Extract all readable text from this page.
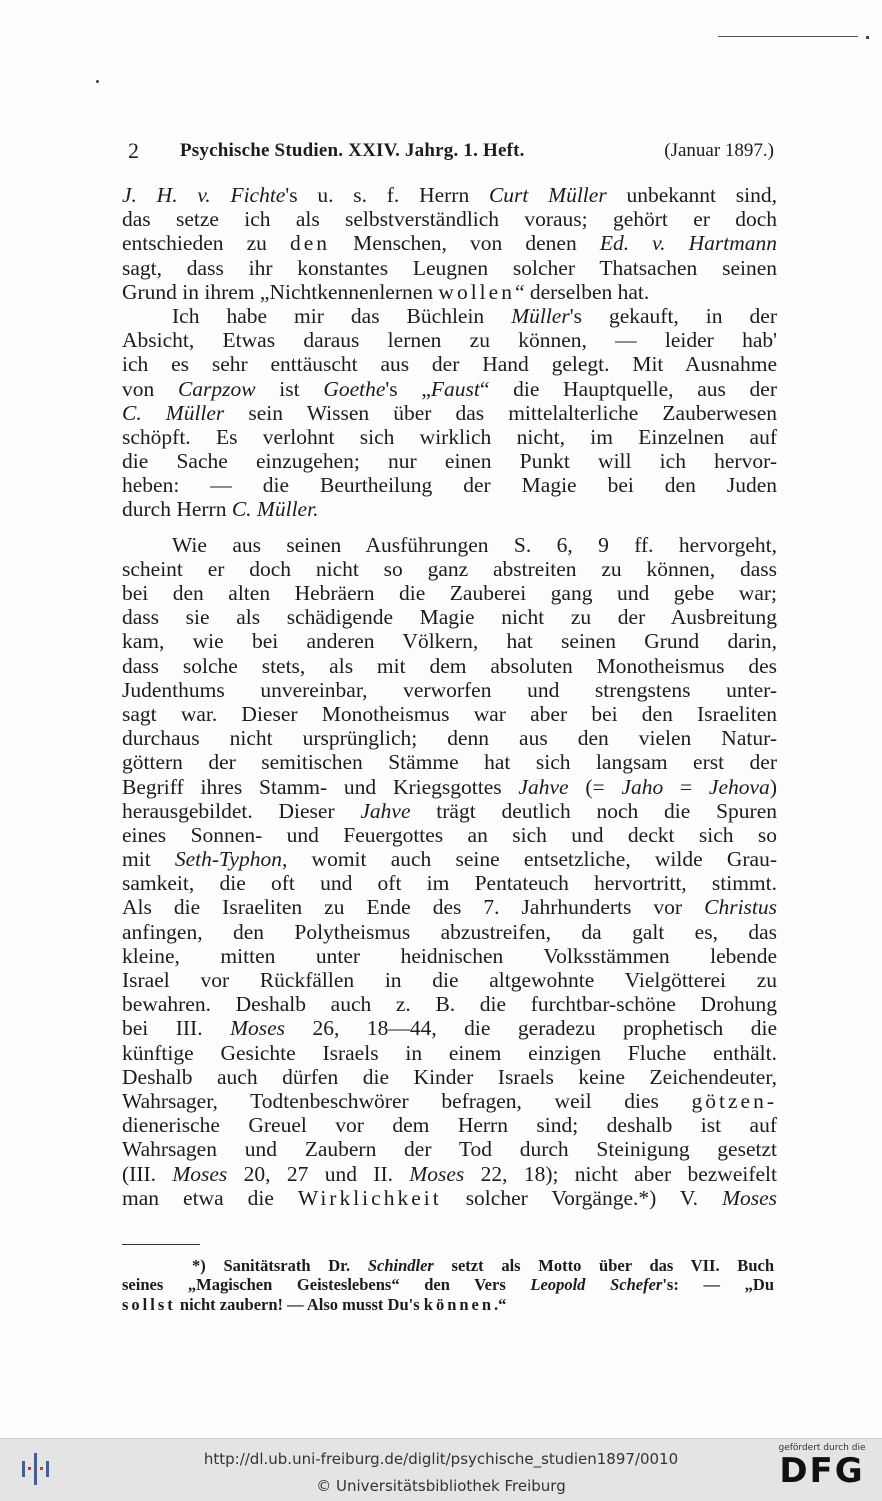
2 Psychische Studien. XXIV. Jahrg. 1. Heft.	(Januar 1897.)
J. H. v. Fichte's u. s. f. Herrn Curt Müller unbekannt sind,
das setze ich als selbstverständlich voraus; gehört er doch
entschieden zu den Menschen, von denen Ed. v. Hartmann
sagt, dass ihr konstantes Leugnen solcher Thatsachen seinen
Grund in ihrem „Nichtkennenlernen wollen“ derselben hat.
Ich habe mir das Büchlein Müller's gekauft, in der
Absicht, Etwas daraus lernen zu können, — leider hab'
ich es sehr enttäuscht aus der Hand gelegt. Mit Ausnahme
von Carpzow ist Goethe's „Faust“ die Hauptquelle, aus der
C. Müller sein Wissen über das mittelalterliche Zauberwesen
schöpft. Es verlohnt sich wirklich nicht, im Einzelnen auf
die Sache einzugehen; nur einen Punkt will ich hervor-
heben: — die Beurtheilung der Magie bei den Juden
durch Herrn C. Müller.
Wie aus seinen Ausführungen S. 6, 9 ff. hervorgeht,
scheint er doch nicht so ganz abstreiten zu können, dass
bei den alten Hebräern die Zauberei gang und gebe war;
dass sie als schädigende Magie nicht zu der Ausbreitung
kam, wie bei anderen Völkern, hat seinen Grund darin,
dass solche stets, als mit dem absoluten Monotheismus des
Judenthums unvereinbar, verworfen und strengstens unter-
sagt war. Dieser Monotheismus war aber bei den Israeliten
durchaus nicht ursprünglich; denn aus den vielen Natur-
göttern der semitischen Stämme hat sich langsam erst der
Begriff ihres Stamm- und Kriegsgottes Jahve (= Jaho = Jehova)
herausgebildet. Dieser Jahve trägt deutlich noch die Spuren
eines Sonnen- und Feuergottes an sich und deckt sich so
mit Seth-Typhon, womit auch seine entsetzliche, wilde Grau-
samkeit, die oft und oft im Pentateuch hervortritt, stimmt.
Als die Israeliten zu Ende des 7. Jahrhunderts vor Christus
anfingen, den Polytheismus abzustreifen, da galt es, das
kleine, mitten unter heidnischen Volksstämmen lebende
Israel vor Rückfällen in die altgewohnte Vielgötterei zu
bewahren. Deshalb auch z. B. die furchtbar-schöne Drohung
bei III. Moses 26, 18—44, die geradezu prophetisch die
künftige Gesichte Israels in einem einzigen Fluche enthält.
Deshalb auch dürfen die Kinder Israels keine Zeichendeuter,
Wahrsager, Todtenbeschwörer befragen, weil dies götzen-
dienerische Greuel vor dem Herrn sind; deshalb ist auf
Wahrsagen und Zaubern der Tod durch Steinigung gesetzt
(III. Moses 20, 27 und II. Moses 22, 18); nicht aber bezweifelt
man etwa die Wirklichkeit solcher Vorgänge.*) V. Moses
*) Sanitätsrath Dr. Schindler setzt als Motto über das VII. Buch
seines „Magischen Geisteslebens“ den Vers Leopold Schefer's: — „Du
sollst nicht zaubern! — Also musst Du's können.“
http://dl.ub.uni-freiburg.de/diglit/psychische_studien1897/0010
© Universitätsbibliothek Freiburg
gefördert durch die
DFG
